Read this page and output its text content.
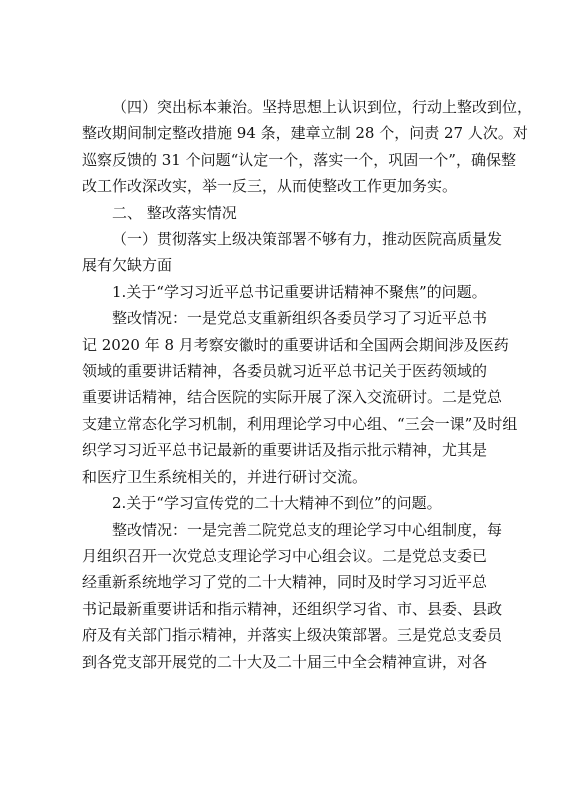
（四）突出标本兼治。坚持思想上认识到位，行动上整改到位，
整改期间制定整改措施 94 条，建章立制 28 个，问责 27 人次。对
巡察反馈的 31 个问题“认定一个，落实一个，巩固一个”，确保整
改工作改深改实，举一反三，从而使整改工作更加务实。

二、 整改落实情况

（一）贯彻落实上级决策部署不够有力，推动医院高质量发
展有欠缺方面

1.关于“学习习近平总书记重要讲话精神不聚焦”的问题。

整改情况：一是党总支重新组织各委员学习了习近平总书
记 2020 年 8 月考察安徽时的重要讲话和全国两会期间涉及医药
领域的重要讲话精神，各委员就习近平总书记关于医药领域的
重要讲话精神，结合医院的实际开展了深入交流研讨。二是党总
支建立常态化学习机制，利用理论学习中心组、“三会一课”及时组
织学习习近平总书记最新的重要讲话及指示批示精神，尤其是
和医疗卫生系统相关的，并进行研讨交流。

2.关于“学习宣传党的二十大精神不到位”的问题。

整改情况：一是完善二院党总支的理论学习中心组制度，每
月组织召开一次党总支理论学习中心组会议。二是党总支委已
经重新系统地学习了党的二十大精神，同时及时学习习近平总
书记最新重要讲话和指示精神，还组织学习省、市、县委、县政
府及有关部门指示精神，并落实上级决策部署。三是党总支委员
到各党支部开展党的二十大及二十届三中全会精神宣讲，对各
